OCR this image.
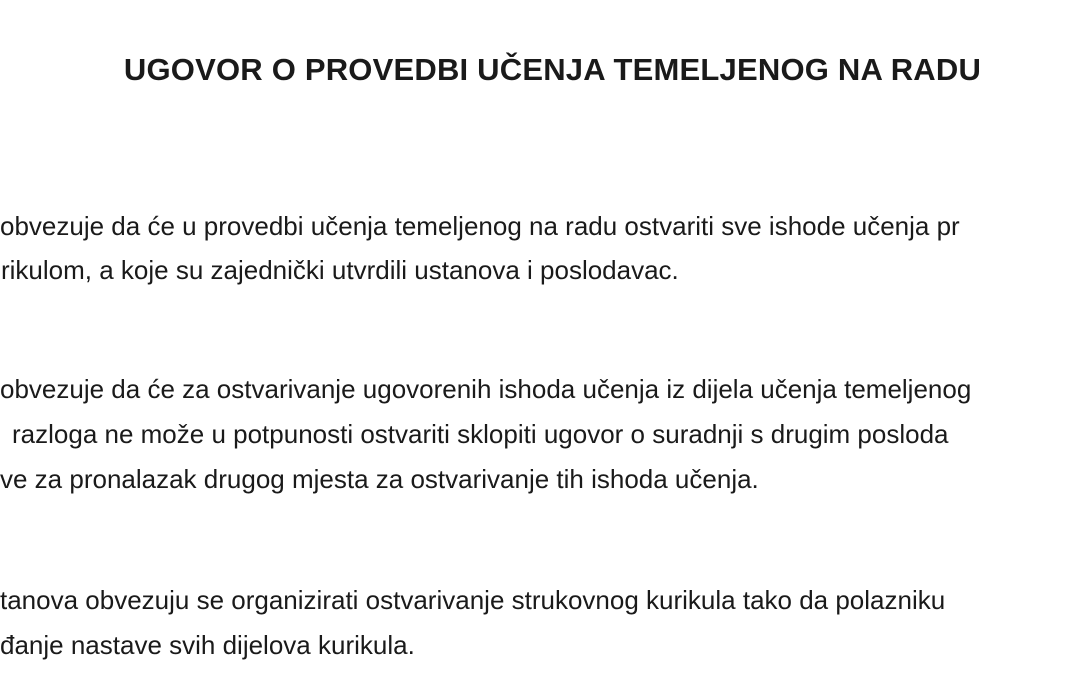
UGOVOR O PROVEDBI UČENJA TEMELJENOG NA RADU

obvezuje da će u provedbi učenja temeljenog na radu ostvariti sve ishode učenja pr

rikulom, a koje su zajednički utvrdili ustanova i poslodavac.

obvezuje da će za ostvarivanje ugovorenih ishoda učenja iz dijela učenja temeljenog

razloga ne može u potpunosti ostvariti sklopiti ugovor o suradnji s drugim posloda

ve za pronalazak drugog mjesta za ostvarivanje tih ishoda učenja.

tanova obvezuju se organizirati ostvarivanje strukovnog kurikula tako da polazniku

đanje nastave svih dijelova kurikula.
